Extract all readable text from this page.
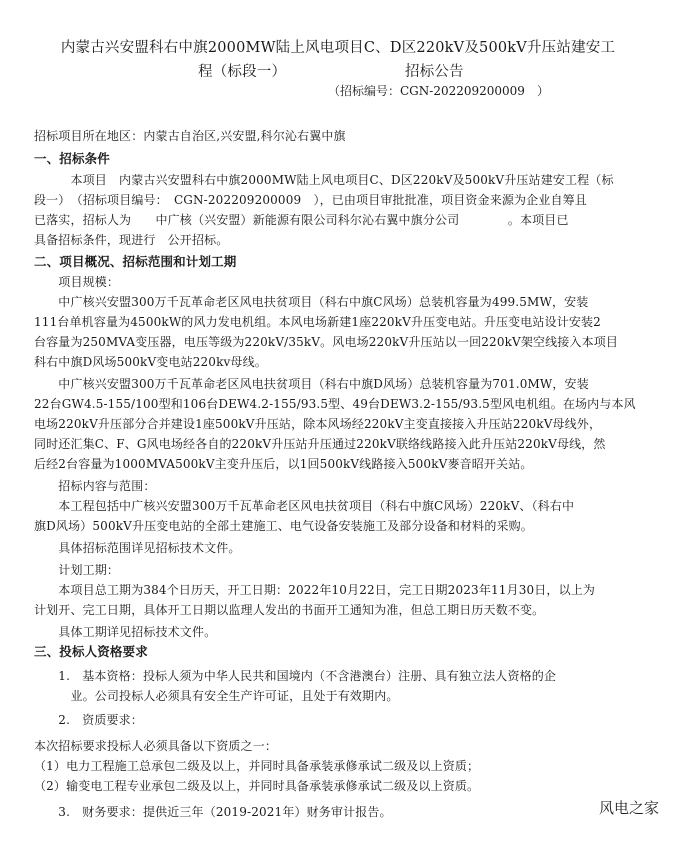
内蒙古兴安盟科右中旗2000MW陆上风电项目C、D区220kV及500kV升压站建安工
程（标段一）	招标公告
（招标编号：CGN-202209200009　）
招标项目所在地区：内蒙古自治区,兴安盟,科尔沁右翼中旗
一、招标条件
　　　本项目　内蒙古兴安盟科右中旗2000MW陆上风电项目C、D区220kV及500kV升压站建安工程（标
段一）　（招标项目编号：　CGN-202209200009　），已由项目审批批准，项目资金来源为企业自筹且
已落实，招标人为　　中广核（兴安盟）新能源有限公司科尔沁右翼中旗分公司　　　　。本项目已
具备招标条件，现进行　公开招标。
二、项目概况、招标范围和计划工期
　　项目规模：
　　中广核兴安盟300万千瓦革命老区风电扶贫项目（科右中旗C风场）总装机容量为499.5MW，安装
111台单机容量为4500kW的风力发电机组。本风电场新建1座220kV升压变电站。升压变电站设计安装2
台容量为250MVA变压器，电压等级为220kV/35kV。风电场220kV升压站以一回220kV架空线接入本项目
科右中旗D风场500kV变电站220kv母线。
　　中广核兴安盟300万千瓦革命老区风电扶贫项目（科右中旗D风场）总装机容量为701.0MW，安装
22台GW4.5-155/100型和106台DEW4.2-155/93.5型、49台DEW3.2-155/93.5型风电机组。在场内与本风
电场220kV升压部分合并建设1座500kV升压站，除本风场经220kV主变直接接入升压站220kV母线外，
同时还汇集C、F、G风电场经各自的220kV升压站升压通过220kV联络线路接入此升压站220kV母线，然
后经2台容量为1000MVA500kV主变升压后，以1回500kV线路接入500kV麥音昭开关站。
　　招标内容与范围：
　　本工程包括中广核兴安盟300万千瓦革命老区风电扶贫项目（科右中旗C风场）220kV、（科右中
旗D风场）500kV升压变电站的全部土建施工、电气设备安装施工及部分设备和材料的采购。
　　具体招标范围详见招标技术文件。
　　计划工期：
　　本项目总工期为384个日历天，开工日期：2022年10月22日，完工日期2023年11月30日，以上为
计划开、完工日期，具体开工日期以监理人发出的书面开工通知为准，但总工期日历天数不变。
　　具体工期详见招标技术文件。
三、投标人资格要求
　　1.　基本资格：投标人须为中华人民共和国境内（不含港澳台）注册、具有独立法人资格的企
　　　业。公司投标人必须具有安全生产许可证，且处于有效期内。
　　2.　资质要求：
本次招标要求投标人必须具备以下资质之一：
（1）电力工程施工总承包二级及以上，并同时具备承装承修承试二级及以上资质；
（2）输变电工程专业承包二级及以上，并同时具备承装承修承试二级及以上资质。
　　3.　财务要求：提供近三年（2019-2021年）财务审计报告。	风电之家
